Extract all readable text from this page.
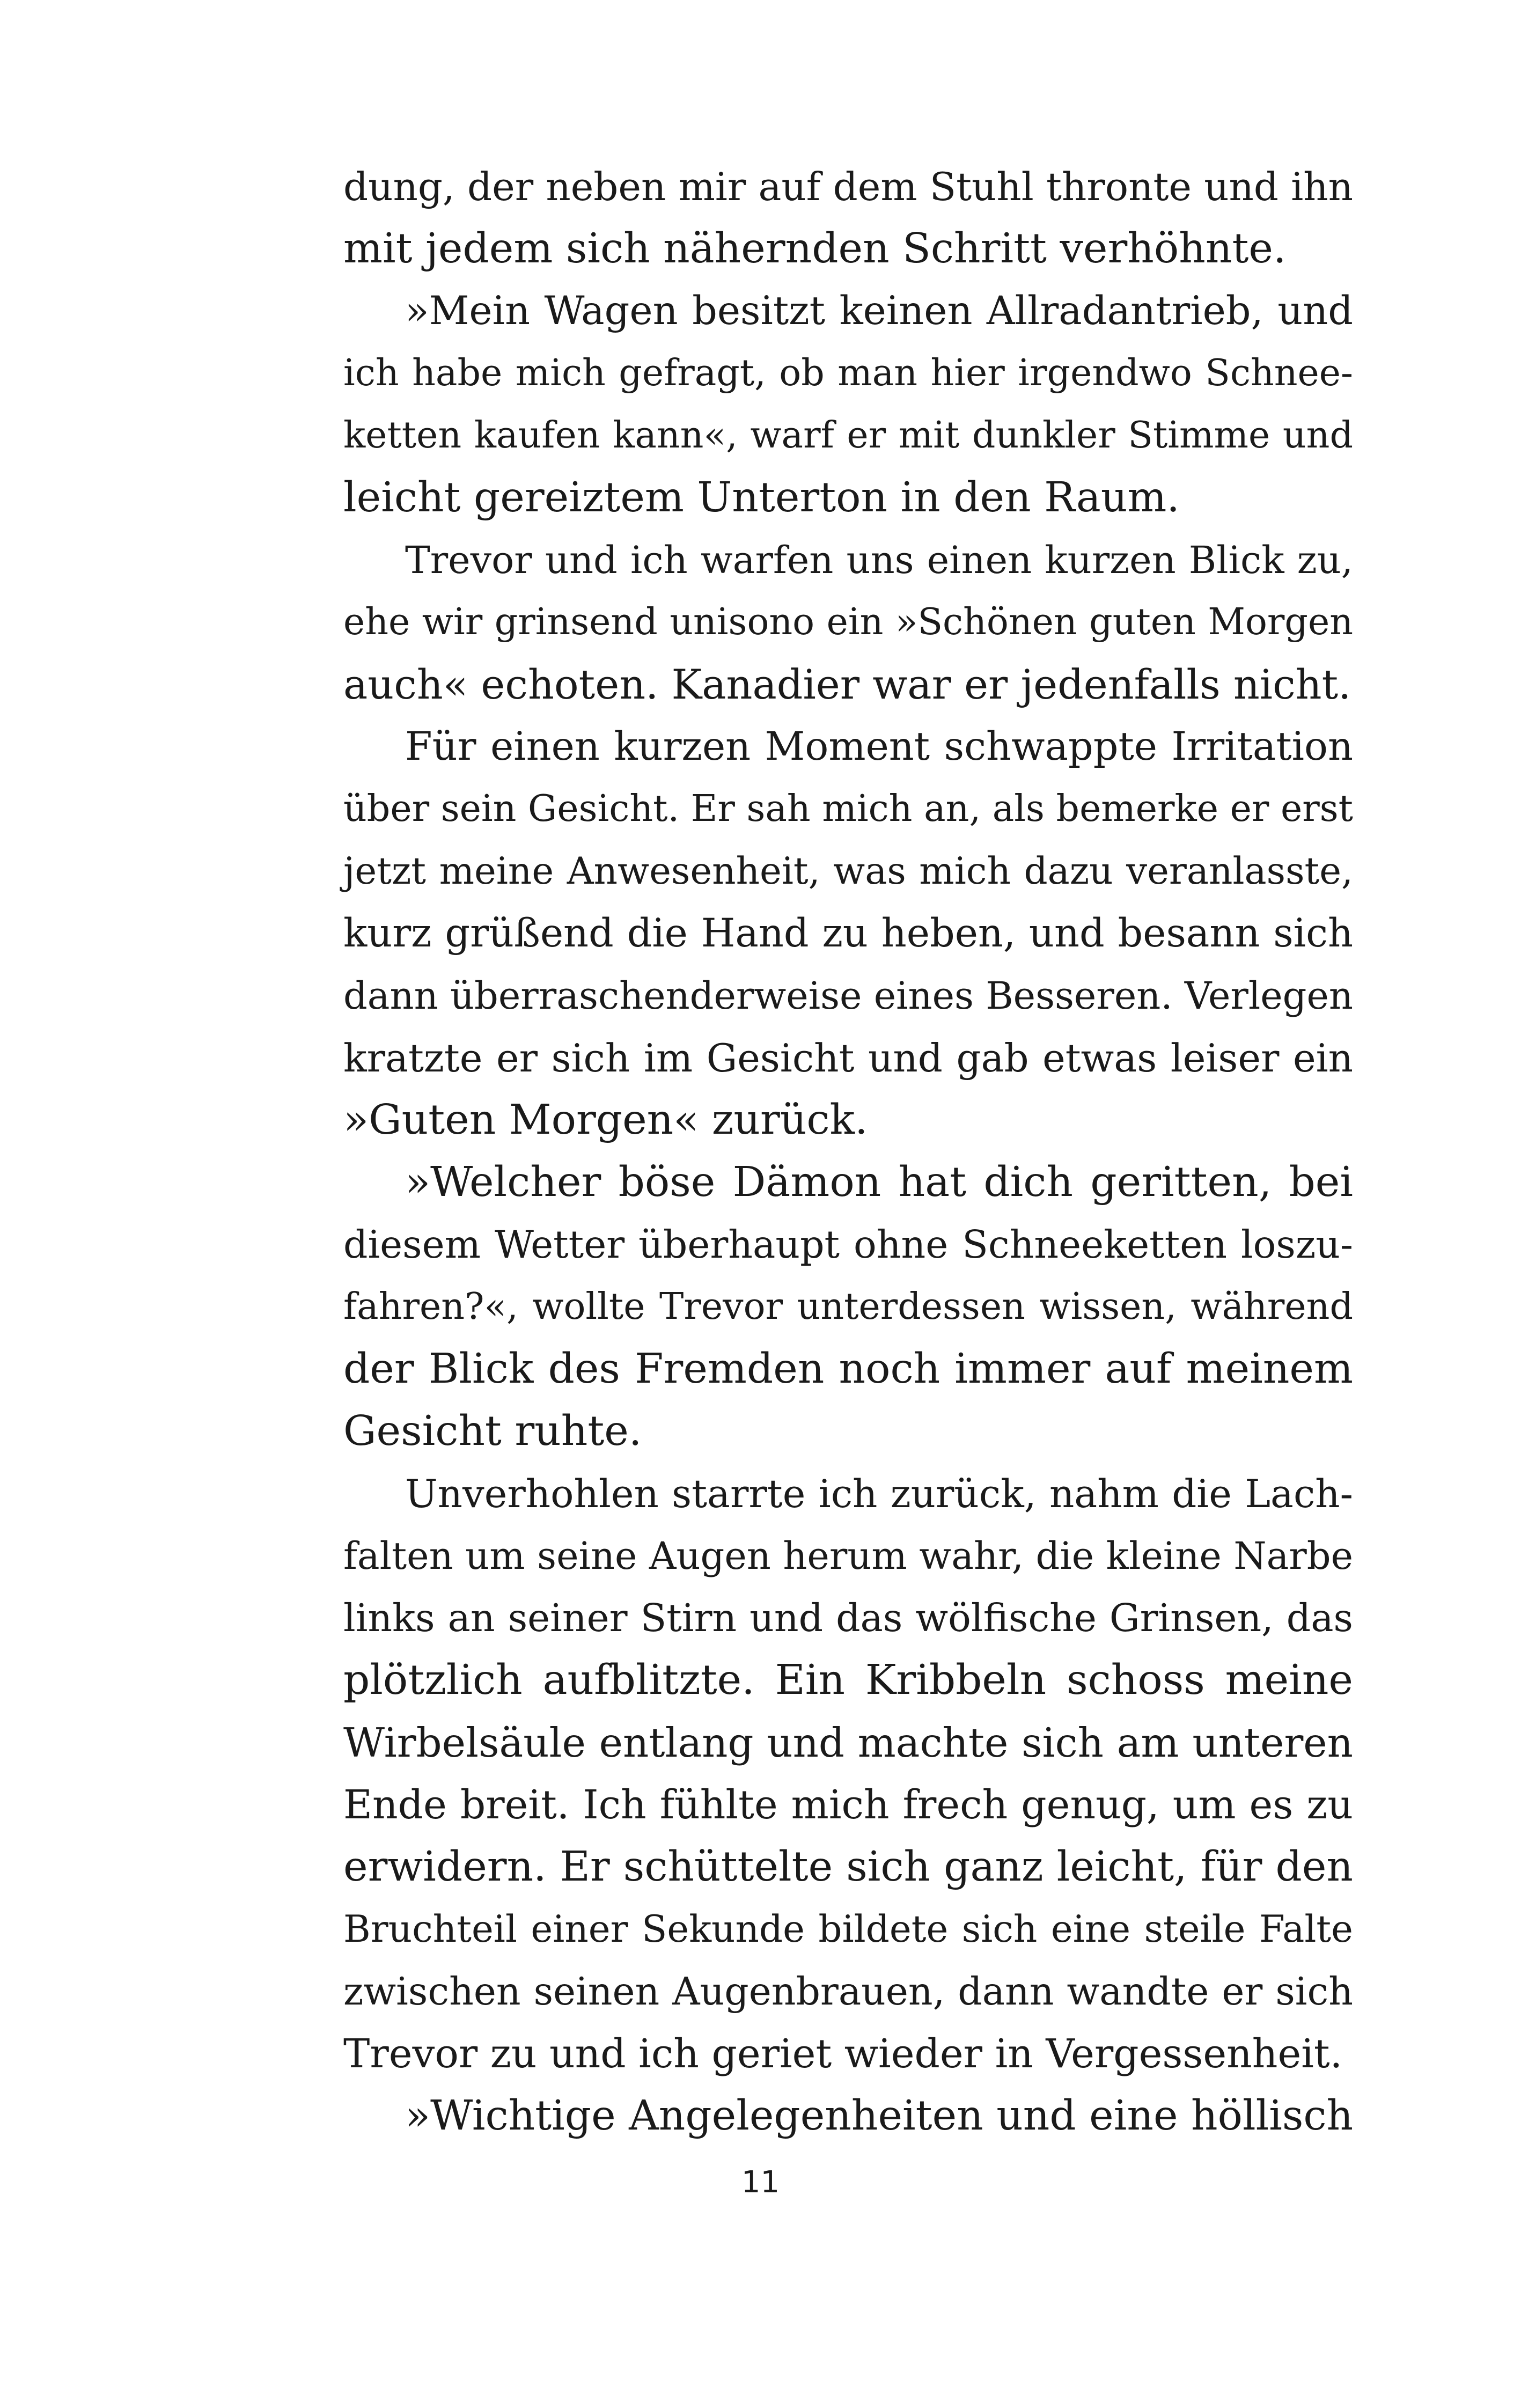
dung, der neben mir auf dem Stuhl thronte und ihn
mit jedem sich nähernden Schritt verhöhnte.
»Mein Wagen besitzt keinen Allradantrieb, und
ich habe mich gefragt, ob man hier irgendwo Schnee-
ketten kaufen kann«, warf er mit dunkler Stimme und
leicht gereiztem Unterton in den Raum.
Trevor und ich warfen uns einen kurzen Blick zu,
ehe wir grinsend unisono ein »Schönen guten Morgen
auch« echoten. Kanadier war er jedenfalls nicht.
Für einen kurzen Moment schwappte Irritation
über sein Gesicht. Er sah mich an, als bemerke er erst
jetzt meine Anwesenheit, was mich dazu veranlasste,
kurz grüßend die Hand zu heben, und besann sich
dann überraschenderweise eines Besseren. Verlegen
kratzte er sich im Gesicht und gab etwas leiser ein
»Guten Morgen« zurück.
»Welcher böse Dämon hat dich geritten, bei
diesem Wetter überhaupt ohne Schneeketten loszu-
fahren?«, wollte Trevor unterdessen wissen, während
der Blick des Fremden noch immer auf meinem
Gesicht ruhte.
Unverhohlen starrte ich zurück, nahm die Lach-
falten um seine Augen herum wahr, die kleine Narbe
links an seiner Stirn und das wölfische Grinsen, das
plötzlich aufblitzte. Ein Kribbeln schoss meine
Wirbelsäule entlang und machte sich am unteren
Ende breit. Ich fühlte mich frech genug, um es zu
erwidern. Er schüttelte sich ganz leicht, für den
Bruchteil einer Sekunde bildete sich eine steile Falte
zwischen seinen Augenbrauen, dann wandte er sich
Trevor zu und ich geriet wieder in Vergessenheit.
»Wichtige Angelegenheiten und eine höllisch
11
